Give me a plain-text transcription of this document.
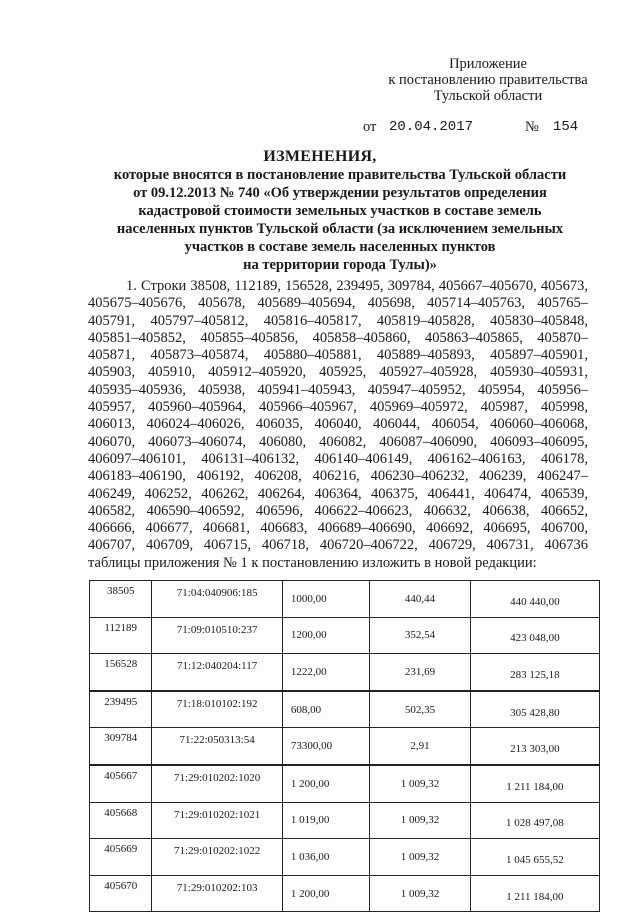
Приложение
к постановлению правительства
Тульской области
от 20.04.2017	№ 154
ИЗМЕНЕНИЯ,
которые вносятся в постановление правительства Тульской области
от 09.12.2013 № 740 «Об утверждении результатов определения
кадастровой стоимости земельных участков в составе земель
населенных пунктов Тульской области (за исключением земельных
участков в составе земель населенных пунктов
на территории города Тулы)»

1. Строки 38508, 112189, 156528, 239495, 309784, 405667–405670, 405673, 405675–405676, 405678, 405689–405694, 405698, 405714–405763, 405765–405791, 405797–405812, 405816–405817, 405819–405828, 405830–405848, 405851–405852, 405855–405856, 405858–405860, 405863–405865, 405870–405871, 405873–405874, 405880–405881, 405889–405893, 405897–405901, 405903, 405910, 405912–405920, 405925, 405927–405928, 405930–405931, 405935–405936, 405938, 405941–405943, 405947–405952, 405954, 405956–405957, 405960–405964, 405966–405967, 405969–405972, 405987, 405998, 406013, 406024–406026, 406035, 406040, 406044, 406054, 406060–406068, 406070, 406073–406074, 406080, 406082, 406087–406090, 406093–406095, 406097–406101, 406131–406132, 406140–406149, 406162–406163, 406178, 406183–406190, 406192, 406208, 406216, 406230–406232, 406239, 406247–406249, 406252, 406262, 406264, 406364, 406375, 406441, 406474, 406539, 406582, 406590–406592, 406596, 406622–406623, 406632, 406638, 406652, 406666, 406677, 406681, 406683, 406689–406690, 406692, 406695, 406700, 406707, 406709, 406715, 406718, 406720–406722, 406729, 406731, 406736 таблицы приложения № 1 к постановлению изложить в новой редакции:

38505	71:04:040906:185	1000,00	440,44	440 440,00
112189	71:09:010510:237	1200,00	352,54	423 048,00
156528	71:12:040204:117	1222,00	231,69	283 125,18
239495	71:18:010102:192	608,00	502,35	305 428,80
309784	71:22:050313:54	73300,00	2,91	213 303,00
405667	71:29:010202:1020	1 200,00	1 009,32	1 211 184,00
405668	71:29:010202:1021	1 019,00	1 009,32	1 028 497,08
405669	71:29:010202:1022	1 036,00	1 009,32	1 045 655,52
405670	71:29:010202:103	1 200,00	1 009,32	1 211 184,00
